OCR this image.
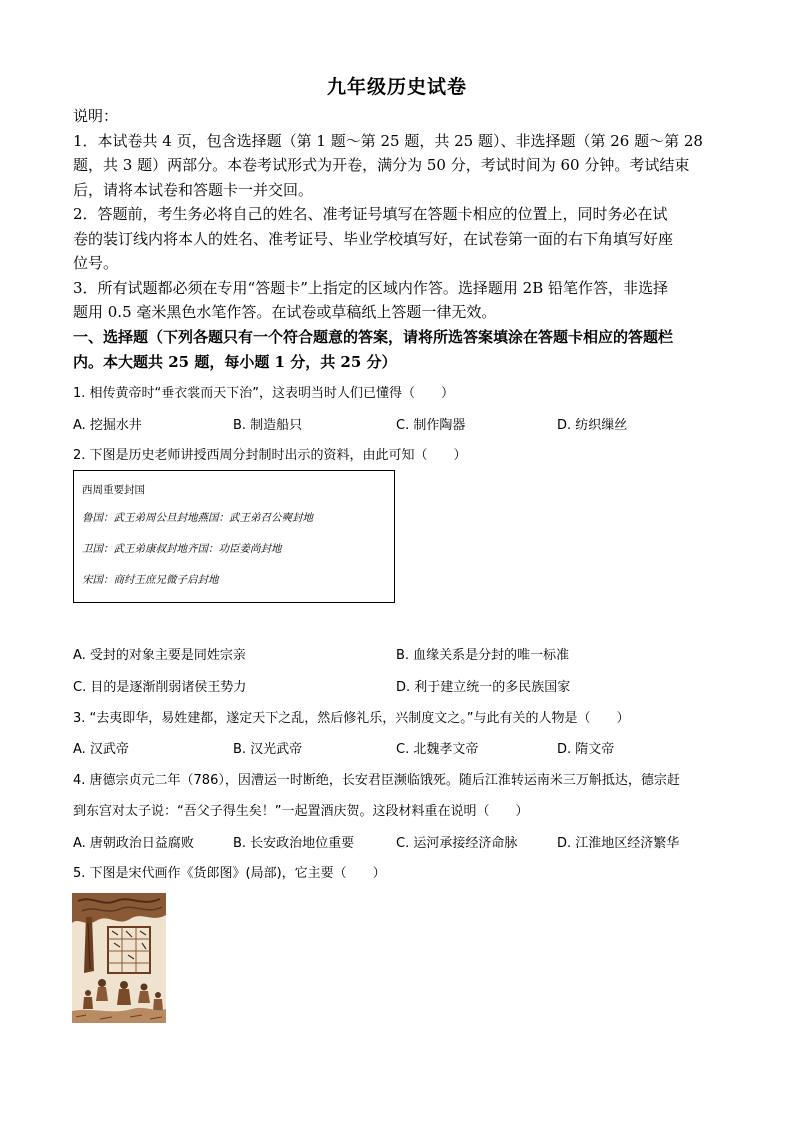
九年级历史试卷

说明：

1．本试卷共 4 页，包含选择题（第 1 题～第 25 题，共 25 题）、非选择题（第 26 题～第 28

题，共 3 题）两部分。本卷考试形式为开卷，满分为 50 分，考试时间为 60 分钟。考试结束

后，请将本试卷和答题卡一并交回。

2．答题前，考生务必将自己的姓名、准考证号填写在答题卡相应的位置上，同时务必在试

卷的装订线内将本人的姓名、准考证号、毕业学校填写好，在试卷第一面的右下角填写好座

位号。

3．所有试题都必须在专用“答题卡”上指定的区域内作答。选择题用 2B 铅笔作答，非选择

题用 0.5 毫米黑色水笔作答。在试卷或草稿纸上答题一律无效。

一、选择题（下列各题只有一个符合题意的答案，请将所选答案填涂在答题卡相应的答题栏

内。本大题共 25 题，每小题 1 分，共 25 分）

1. 相传黄帝时“垂衣裳而天下治”，这表明当时人们已懂得（　　）
A. 挖掘水井	B. 制造船只	C. 制作陶器	D. 纺织缫丝
2. 下图是历史老师讲授西周分封制时出示的资料，由此可知（　　）
西周重要封国
鲁国：武王弟周公旦封地燕国：武王弟召公奭封地
卫国：武王弟康叔封地齐国：功臣姜尚封地
宋国：商纣王庶兄微子启封地
A. 受封的对象主要是同姓宗亲	B. 血缘关系是分封的唯一标准
C. 目的是逐渐削弱诸侯王势力	D. 利于建立统一的多民族国家
3. “去夷即华，易姓建都，遂定天下之乱，然后修礼乐，兴制度文之。”与此有关的人物是（　　）
A. 汉武帝	B. 汉光武帝	C. 北魏孝文帝	D. 隋文帝
4. 唐德宗贞元二年（786），因漕运一时断绝，长安君臣濒临饿死。随后江淮转运南米三万斛抵达，德宗赶
到东宫对太子说：“吾父子得生矣！”一起置酒庆贺。这段材料重在说明（　　）
A. 唐朝政治日益腐败	B. 长安政治地位重要	C. 运河承接经济命脉	D. 江淮地区经济繁华
5. 下图是宋代画作《货郎图》(局部)，它主要（　　）
